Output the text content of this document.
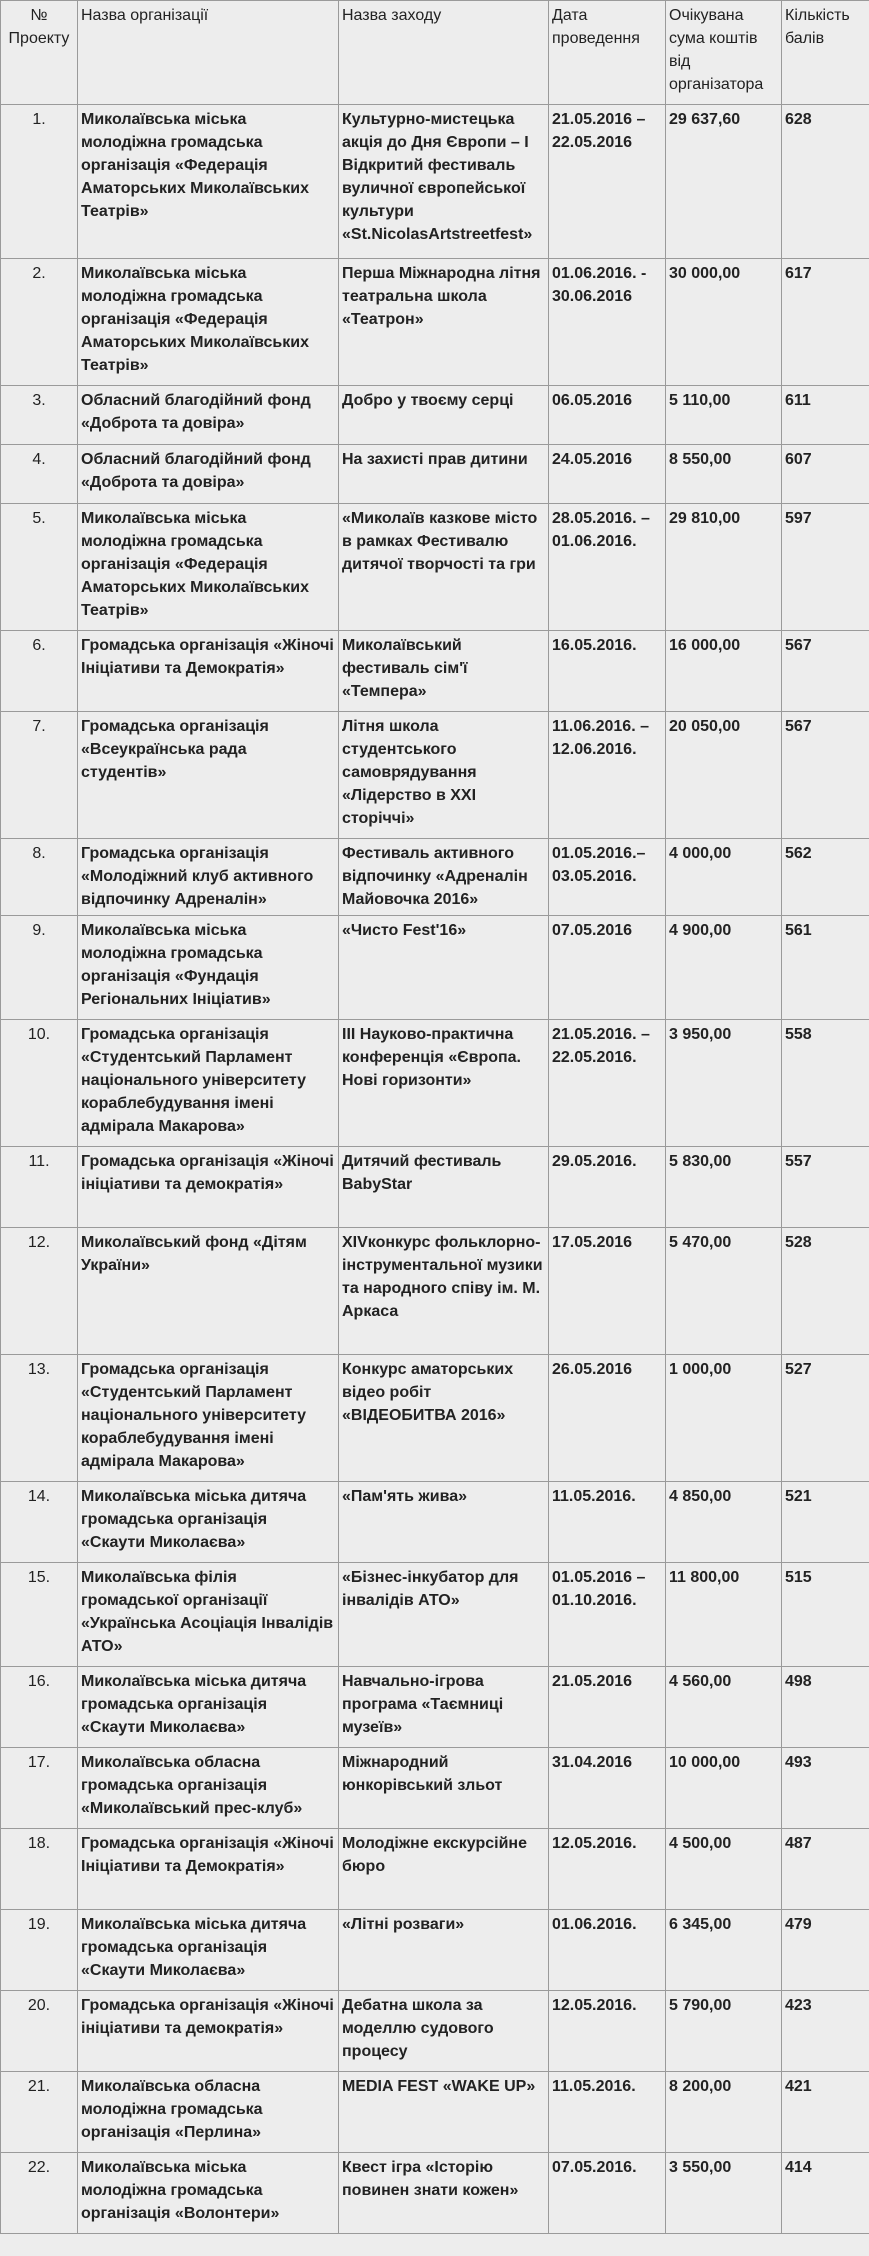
№ Проекту	Назва організації	Назва заходу	Дата проведення	Очікувана сума коштів від організатора	Кількість балів
1.	Миколаївська міська молодіжна громадська організація «Федерація Аматорських Миколаївських Театрів»	Культурно-мистецька акція до Дня Європи – І Відкритий фестиваль вуличної європейської культури «St.NicolasArtstreetfest»	21.05.2016 – 22.05.2016	29 637,60	628
2.	Миколаївська міська молодіжна громадська організація «Федерація Аматорських Миколаївських Театрів»	Перша Міжнародна літня театральна школа «Театрон»	01.06.2016. - 30.06.2016	30 000,00	617
3.	Обласний благодійний фонд «Доброта та довіра»	Добро у твоєму серці	06.05.2016	5 110,00	611
4.	Обласний благодійний фонд «Доброта та довіра»	На захисті прав дитини	24.05.2016	8 550,00	607
5.	Миколаївська міська молодіжна громадська організація «Федерація Аматорських Миколаївських Театрів»	«Миколаїв казкове місто в рамках Фестивалю дитячої творчості та гри	28.05.2016. – 01.06.2016.	29 810,00	597
6.	Громадська організація «Жіночі Ініціативи та Демократія»	Миколаївський фестиваль сім'ї «Темпера»	16.05.2016.	16 000,00	567
7.	Громадська організація «Всеукраїнська рада студентів»	Літня школа студентського самоврядування «Лідерство в ХХІ сторіччі»	11.06.2016. –12.06.2016.	20 050,00	567
8.	Громадська організація «Молодіжний клуб активного відпочинку Адреналін»	Фестиваль активного відпочинку «Адреналін Майовочка 2016»	01.05.2016.– 03.05.2016.	4 000,00	562
9.	Миколаївська міська молодіжна громадська організація «Фундація Регіональних Ініціатив»	«Чисто Fest'16»	07.05.2016	4 900,00	561
10.	Громадська організація «Студентський Парламент національного університету кораблебудування імені адмірала Макарова»	ІІІ Науково-практична конференція «Європа. Нові горизонти»	21.05.2016. – 22.05.2016.	3 950,00	558
11.	Громадська організація «Жіночі ініціативи та демократія»	Дитячий фестиваль BabyStar	29.05.2016.	5 830,00	557
12.	Миколаївський фонд «Дітям України»	ХІVконкурс фольклорно-інструментальної музики та народного співу ім. М. Аркаса	17.05.2016	5 470,00	528
13.	Громадська організація «Студентський Парламент національного університету кораблебудування імені адмірала Макарова»	Конкурс аматорських відео робіт «ВІДЕОБИТВА 2016»	26.05.2016	1 000,00	527
14.	Миколаївська міська дитяча громадська організація «Скаути Миколаєва»	«Пам'ять жива»	11.05.2016.	4 850,00	521
15.	Миколаївська філія громадської організації «Українська Асоціація Інвалідів АТО»	«Бізнес-інкубатор для інвалідів АТО»	01.05.2016 – 01.10.2016.	11 800,00	515
16.	Миколаївська міська дитяча громадська організація «Скаути Миколаєва»	Навчально-ігрова програма «Таємниці музеїв»	21.05.2016	4 560,00	498
17.	Миколаївська обласна громадська організація «Миколаївський прес-клуб»	Міжнародний юнкорівський зльот	31.04.2016	10 000,00	493
18.	Громадська організація «Жіночі Ініціативи та Демократія»	Молодіжне екскурсійне бюро	12.05.2016.	4 500,00	487
19.	Миколаївська міська дитяча громадська організація «Скаути Миколаєва»	«Літні розваги»	01.06.2016.	6 345,00	479
20.	Громадська організація «Жіночі ініціативи та демократія»	Дебатна школа за моделлю судового процесу	12.05.2016.	5 790,00	423
21.	Миколаївська обласна молодіжна громадська організація «Перлина»	MEDIA FEST «WAKE UP»	11.05.2016.	8 200,00	421
22.	Миколаївська міська молодіжна громадська організація «Волонтери»	Квест ігра «Історію повинен знати кожен»	07.05.2016.	3 550,00	414
